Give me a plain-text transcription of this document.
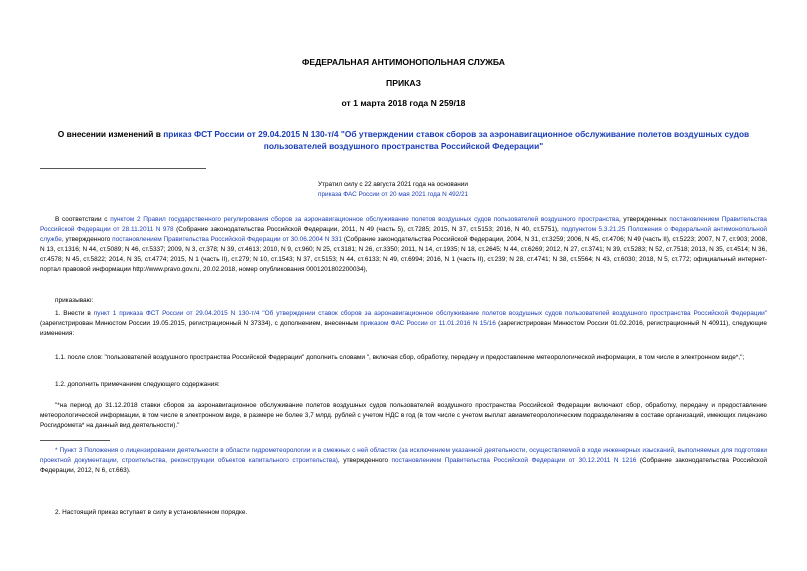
ФЕДЕРАЛЬНАЯ АНТИМОНОПОЛЬНАЯ СЛУЖБА
ПРИКАЗ
от 1 марта 2018 года N 259/18
О внесении изменений в приказ ФСТ России от 29.04.2015 N 130-т/4 "Об утверждении ставок сборов за аэронавигационное обслуживание полетов воздушных судов пользователей воздушного пространства Российской Федерации"
Утратил силу с 22 августа 2021 года на основании
приказа ФАС России от 20 мая 2021 года N 492/21
В соответствии с пунктом 2 Правил государственного регулирования сборов за аэронавигационное обслуживание полетов воздушных судов пользователей воздушного пространства, утвержденных постановлением Правительства Российской Федерации от 28.11.2011 N 978 (Собрание законодательства Российской Федерации, 2011, N 49 (часть 5), ст.7285; 2015, N 37, ст.5153; 2016, N 40, ст.5751), подпунктом 5.3.21.25 Положения о Федеральной антимонопольной службе, утвержденного постановлением Правительства Российской Федерации от 30.06.2004 N 331 (Собрание законодательства Российской Федерации, 2004, N 31, ст.3259; 2006, N 45, ст.4706; N 49 (часть II), ст.5223; 2007, N 7, ст.903; 2008, N 13, ст.1316; N 44, ст.5089; N 46, ст.5337; 2009, N 3, ст.378; N 39, ст.4613; 2010, N 9, ст.960; N 25, ст.3181; N 26, ст.3350; 2011, N 14, ст.1935; N 18, ст.2645; N 44, ст.6269; 2012, N 27, ст.3741; N 39, ст.5283; N 52, ст.7518; 2013, N 35, ст.4514; N 36, ст.4578; N 45, ст.5822; 2014, N 35, ст.4774; 2015, N 1 (часть II), ст.279; N 10, ст.1543; N 37, ст.5153; N 44, ст.6133; N 49, ст.6994; 2016, N 1 (часть II), ст.239; N 28, ст.4741; N 38, ст.5564; N 43, ст.6030; 2018, N 5, ст.772; официальный интернет-портал правовой информации http://www.pravo.gov.ru, 20.02.2018, номер опубликования 0001201802200034),
приказываю:
1. Внести в пункт 1 приказа ФСТ России от 29.04.2015 N 130-т/4 "Об утверждении ставок сборов за аэронавигационное обслуживание полетов воздушных судов пользователей воздушного пространства Российской Федерации" (зарегистрирован Минюстом России 19.05.2015, регистрационный N 37334), с дополнением, внесенным приказом ФАС России от 11.01.2016 N 15/16 (зарегистрирован Минюстом России 01.02.2016, регистрационный N 40911), следующие изменения:
1.1. после слов: "пользователей воздушного пространства Российской Федерации" дополнить словами ", включая сбор, обработку, передачу и предоставление метеорологической информации, в том числе в электронном виде*,";
1.2. дополнить примечанием следующего содержания:
"*на период до 31.12.2018 ставки сборов за аэронавигационное обслуживание полетов воздушных судов пользователей воздушного пространства Российской Федерации включают сбор, обработку, передачу и предоставление метеорологической информации, в том числе в электронном виде, в размере не более 3,7 млрд. рублей с учетом НДС в год (в том числе с учетом выплат авиаметеорологическим подразделениям в составе организаций, имеющих лицензию Росгидромета* на данный вид деятельности)."
* Пункт 3 Положения о лицензировании деятельности в области гидрометеорологии и в смежных с ней областях (за исключением указанной деятельности, осуществляемой в ходе инженерных изысканий, выполняемых для подготовки проектной документации, строительства, реконструкции объектов капитального строительства), утвержденного постановлением Правительства Российской Федерации от 30.12.2011 N 1216 (Собрание законодательства Российской Федерации, 2012, N 6, ст.663).
2. Настоящий приказ вступает в силу в установленном порядке.
